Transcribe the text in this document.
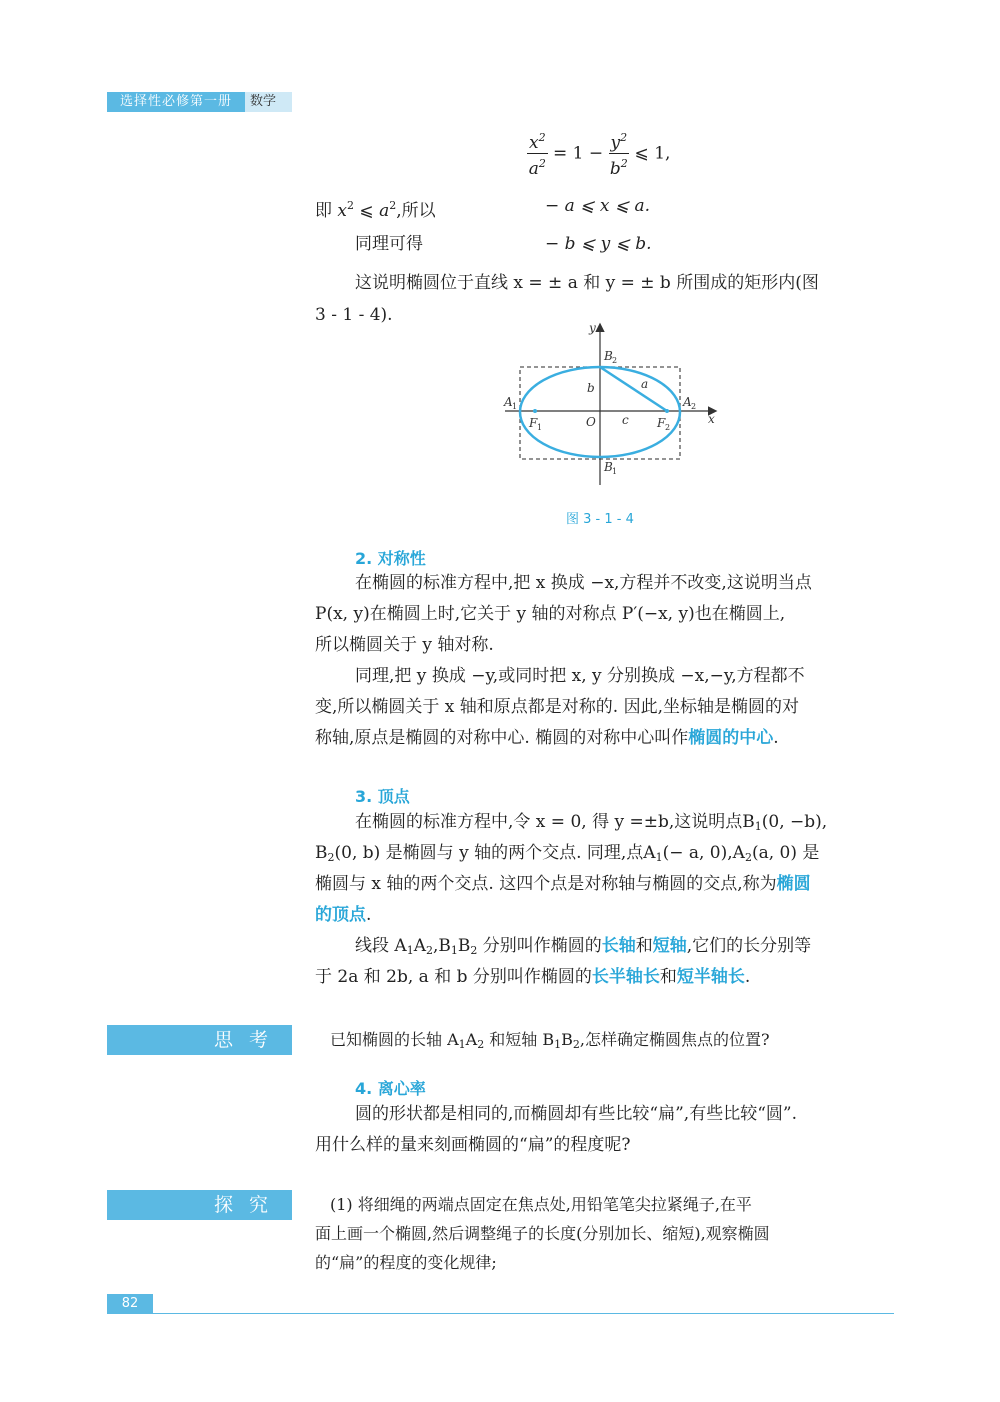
选择性必修第一册	数学
$\frac{x^2}{a^2} = 1 - \frac{y^2}{b^2}$ ⩽ 1,
即 $x^2$ ⩽ $a^2$,所以	− a ⩽ x ⩽ a.
同理可得	− b ⩽ y ⩽ b.
这说明椭圆位于直线 x = ± a 和 y = ± b 所围成的矩形内(图
3 - 1 - 4).
y
x
O
b	a
c
A 1	A 2
B 2
B 1
F 1	F 2
图 3 - 1 - 4
2. 对称性
在椭圆的标准方程中,把 x 换成 −x,方程并不改变,这说明当点
P(x, y)在椭圆上时,它关于 y 轴的对称点 P′(−x, y)也在椭圆上,
所以椭圆关于 y 轴对称.
同理,把 y 换成 −y,或同时把 x, y 分别换成 −x,−y,方程都不
变,所以椭圆关于 x 轴和原点都是对称的. 因此,坐标轴是椭圆的对
称轴,原点是椭圆的对称中心. 椭圆的对称中心叫作椭圆的中心.
3. 顶点
在椭圆的标准方程中,令 x = 0, 得 y =±b,这说明点$B_1(0$, −b),
$B_2(0$, b) 是椭圆与 y 轴的两个交点. 同理,点$A_1(- a$, $0),A_2(a$, 0) 是
椭圆与 x 轴的两个交点. 这四个点是对称轴与椭圆的交点,称为椭圆
的顶点.
线段 $A_1A_2,B_1B_2$ 分别叫作椭圆的长轴和短轴,它们的长分别等
于 2a 和 2b, a 和 b 分别叫作椭圆的长半轴长和短半轴长.
思考	已知椭圆的长轴 $A_1A_2$ 和短轴 $B_1B_2$,怎样确定椭圆焦点的位置?
4. 离心率
圆的形状都是相同的,而椭圆却有些比较“扁”,有些比较“圆”.
用什么样的量来刻画椭圆的“扁”的程度呢?
探究	(1) 将细绳的两端点固定在焦点处,用铅笔笔尖拉紧绳子,在平
面上画一个椭圆,然后调整绳子的长度(分别加长、缩短),观察椭圆
的“扁”的程度的变化规律;
82
